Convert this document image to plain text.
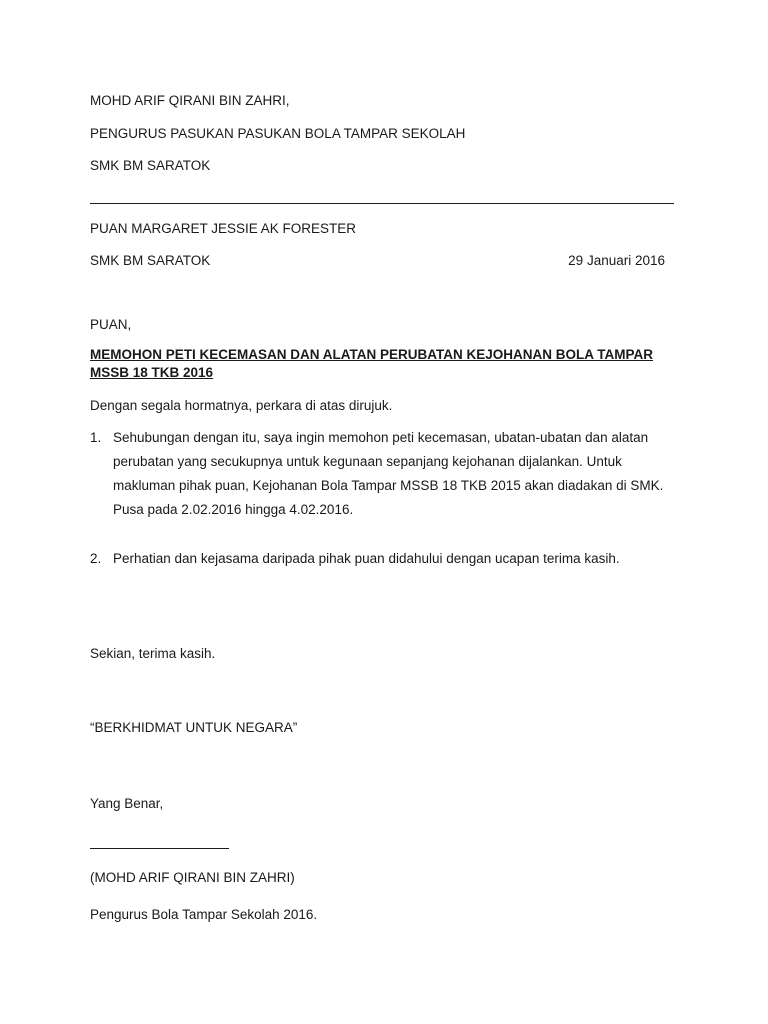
MOHD ARIF QIRANI BIN ZAHRI,
PENGURUS PASUKAN PASUKAN BOLA TAMPAR SEKOLAH
SMK BM SARATOK
PUAN MARGARET JESSIE AK FORESTER
SMK BM SARATOK	29 Januari 2016
PUAN,
MEMOHON PETI KECEMASAN DAN ALATAN PERUBATAN KEJOHANAN BOLA TAMPAR MSSB 18 TKB 2016
Dengan segala hormatnya, perkara di atas dirujuk.
1. Sehubungan dengan itu, saya ingin memohon peti kecemasan, ubatan-ubatan dan alatan perubatan yang secukupnya untuk kegunaan sepanjang kejohanan dijalankan. Untuk makluman pihak puan, Kejohanan Bola Tampar MSSB 18 TKB 2015 akan diadakan di SMK. Pusa pada 2.02.2016 hingga 4.02.2016.
2. Perhatian dan kejasama daripada pihak puan didahului dengan ucapan terima kasih.
Sekian, terima kasih.
“BERKHIDMAT UNTUK NEGARA”
Yang Benar,
(MOHD ARIF QIRANI BIN ZAHRI)
Pengurus Bola Tampar Sekolah 2016.
